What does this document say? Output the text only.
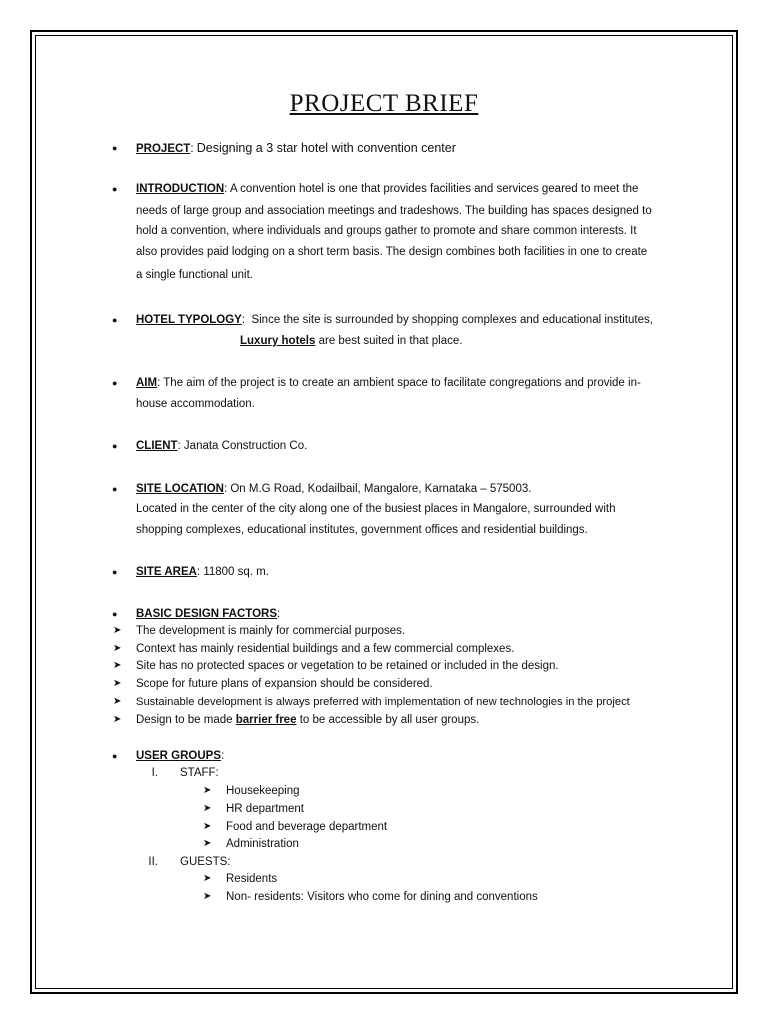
PROJECT BRIEF
● PROJECT: Designing a 3 star hotel with convention center
● INTRODUCTION: A convention hotel is one that provides facilities and services geared to meet the
needs of large group and association meetings and tradeshows. The building has spaces designed to
hold a convention, where individuals and groups gather to promote and share common interests. It
also provides paid lodging on a short term basis. The design combines both facilities in one to create
a single functional unit.
● HOTEL TYPOLOGY:  Since the site is surrounded by shopping complexes and educational institutes,
Luxury hotels are best suited in that place.
● AIM: The aim of the project is to create an ambient space to facilitate congregations and provide in-
house accommodation.
● CLIENT: Janata Construction Co.
● SITE LOCATION: On M.G Road, Kodailbail, Mangalore, Karnataka – 575003.
Located in the center of the city along one of the busiest places in Mangalore, surrounded with
shopping complexes, educational institutes, government offices and residential buildings.
● SITE AREA: 11800 sq. m.
● BASIC DESIGN FACTORS:
➤ The development is mainly for commercial purposes.
➤ Context has mainly residential buildings and a few commercial complexes.
➤ Site has no protected spaces or vegetation to be retained or included in the design.
➤ Scope for future plans of expansion should be considered.
➤ Sustainable development is always preferred with implementation of new technologies in the project
➤ Design to be made barrier free to be accessible by all user groups.
● USER GROUPS:
I. STAFF:
➤ Housekeeping
➤ HR department
➤ Food and beverage department
➤ Administration
II. GUESTS:
➤ Residents
➤ Non- residents: Visitors who come for dining and conventions
